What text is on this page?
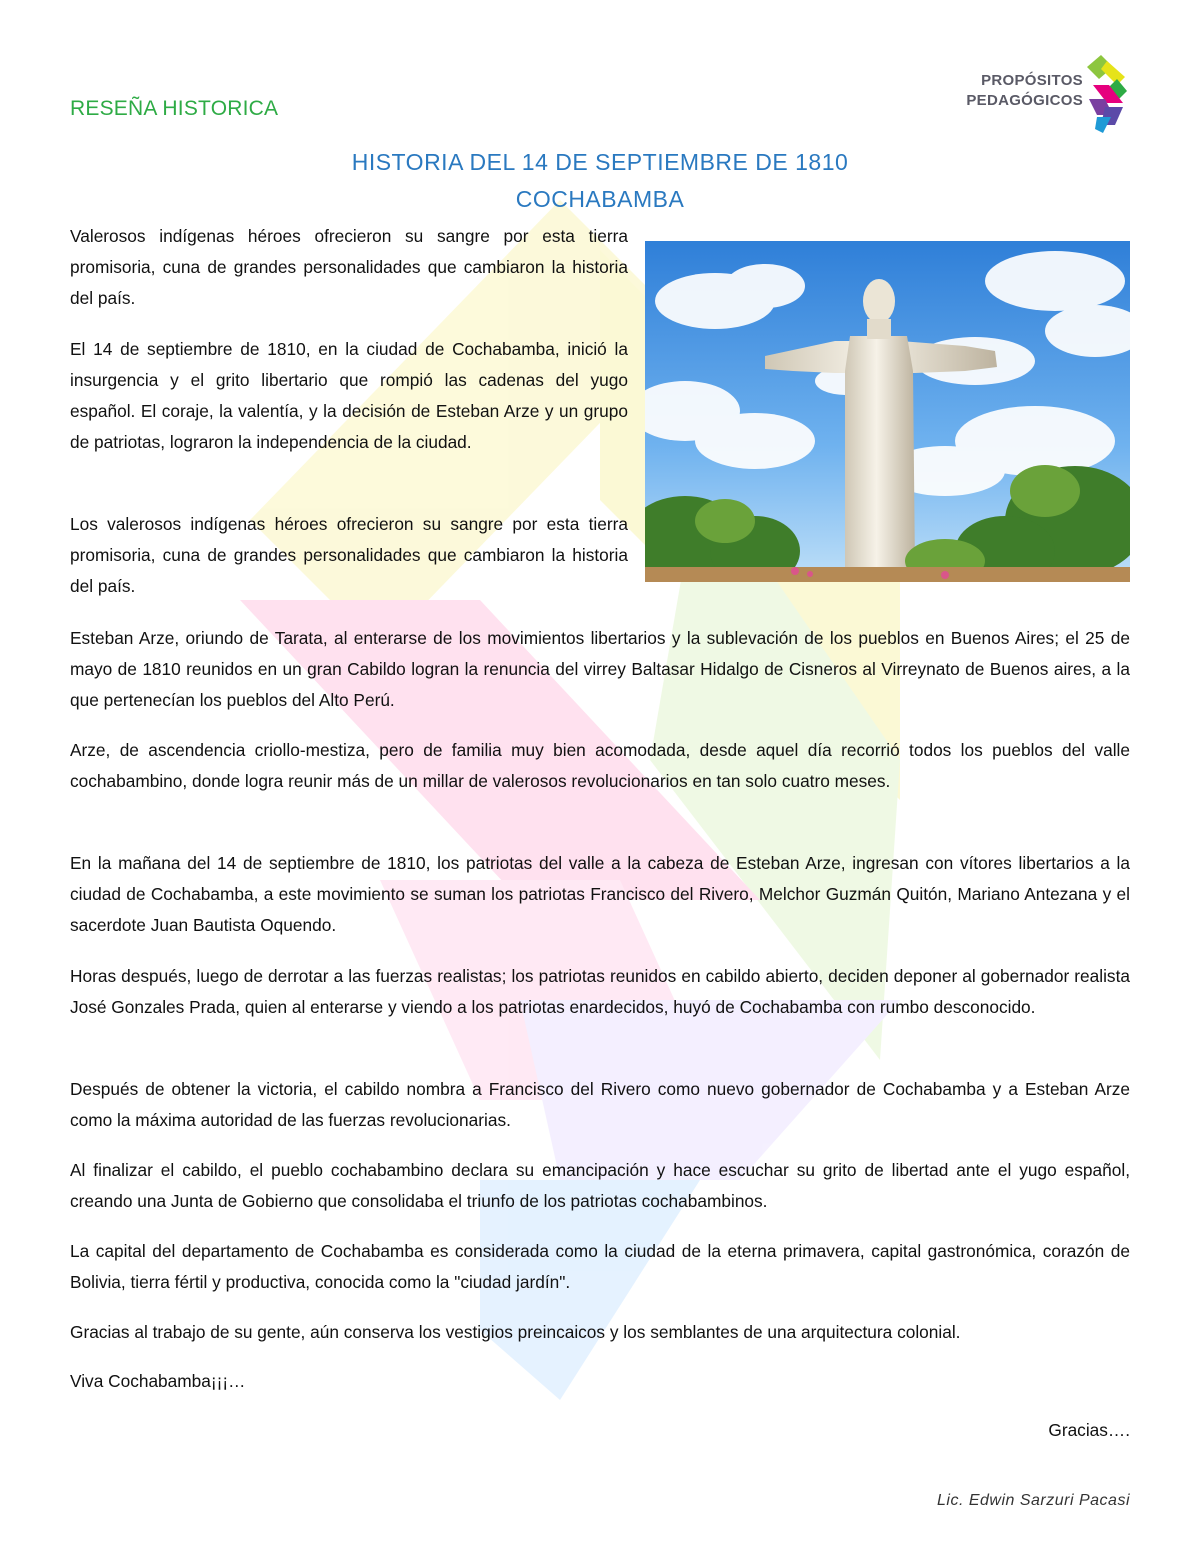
RESEÑA HISTORICA
PROPÓSITOS
PEDAGÓGICOS
HISTORIA DEL 14 DE SEPTIEMBRE DE 1810
COCHABAMBA

Valerosos indígenas héroes ofrecieron su sangre por esta tierra promisoria, cuna de grandes personalidades que cambiaron la historia del país.

El 14 de septiembre de 1810, en la ciudad de Cochabamba, inició la insurgencia y el grito libertario que rompió las cadenas del yugo español. El coraje, la valentía, y la decisión de Esteban Arze y un grupo de patriotas, lograron la independencia de la ciudad.

Los valerosos indígenas héroes ofrecieron su sangre por esta tierra promisoria, cuna de grandes personalidades que cambiaron la historia del país.

Esteban Arze, oriundo de Tarata, al enterarse de los movimientos libertarios y la sublevación de los pueblos en Buenos Aires; el 25 de mayo de 1810 reunidos en un gran Cabildo logran la renuncia del virrey Baltasar Hidalgo de Cisneros al Virreynato de Buenos aires, a la que pertenecían los pueblos del Alto Perú.

Arze, de ascendencia criollo-mestiza, pero de familia muy bien acomodada, desde aquel día recorrió todos los pueblos del valle cochabambino, donde logra reunir más de un millar de valerosos revolucionarios en tan solo cuatro meses.

En la mañana del 14 de septiembre de 1810, los patriotas del valle a la cabeza de Esteban Arze, ingresan con vítores libertarios a la ciudad de Cochabamba, a este movimiento se suman los patriotas Francisco del Rivero, Melchor Guzmán Quitón, Mariano Antezana y el sacerdote Juan Bautista Oquendo.

Horas después, luego de derrotar a las fuerzas realistas; los patriotas reunidos en cabildo abierto, deciden deponer al gobernador realista José Gonzales Prada, quien al enterarse y viendo a los patriotas enardecidos, huyó de Cochabamba con rumbo desconocido.

Después de obtener la victoria, el cabildo nombra a Francisco del Rivero como nuevo gobernador de Cochabamba y a Esteban Arze como la máxima autoridad de las fuerzas revolucionarias.

Al finalizar el cabildo, el pueblo cochabambino declara su emancipación y hace escuchar su grito de libertad ante el yugo español, creando una Junta de Gobierno que consolidaba el triunfo de los patriotas cochabambinos.

La capital del departamento de Cochabamba es considerada como la ciudad de la eterna primavera, capital gastronómica, corazón de Bolivia, tierra fértil y productiva, conocida como la "ciudad jardín".

Gracias al trabajo de su gente, aún conserva los vestigios preincaicos y los semblantes de una arquitectura colonial.

Viva Cochabamba¡¡¡…

Gracias….

Lic. Edwin Sarzuri Pacasi
